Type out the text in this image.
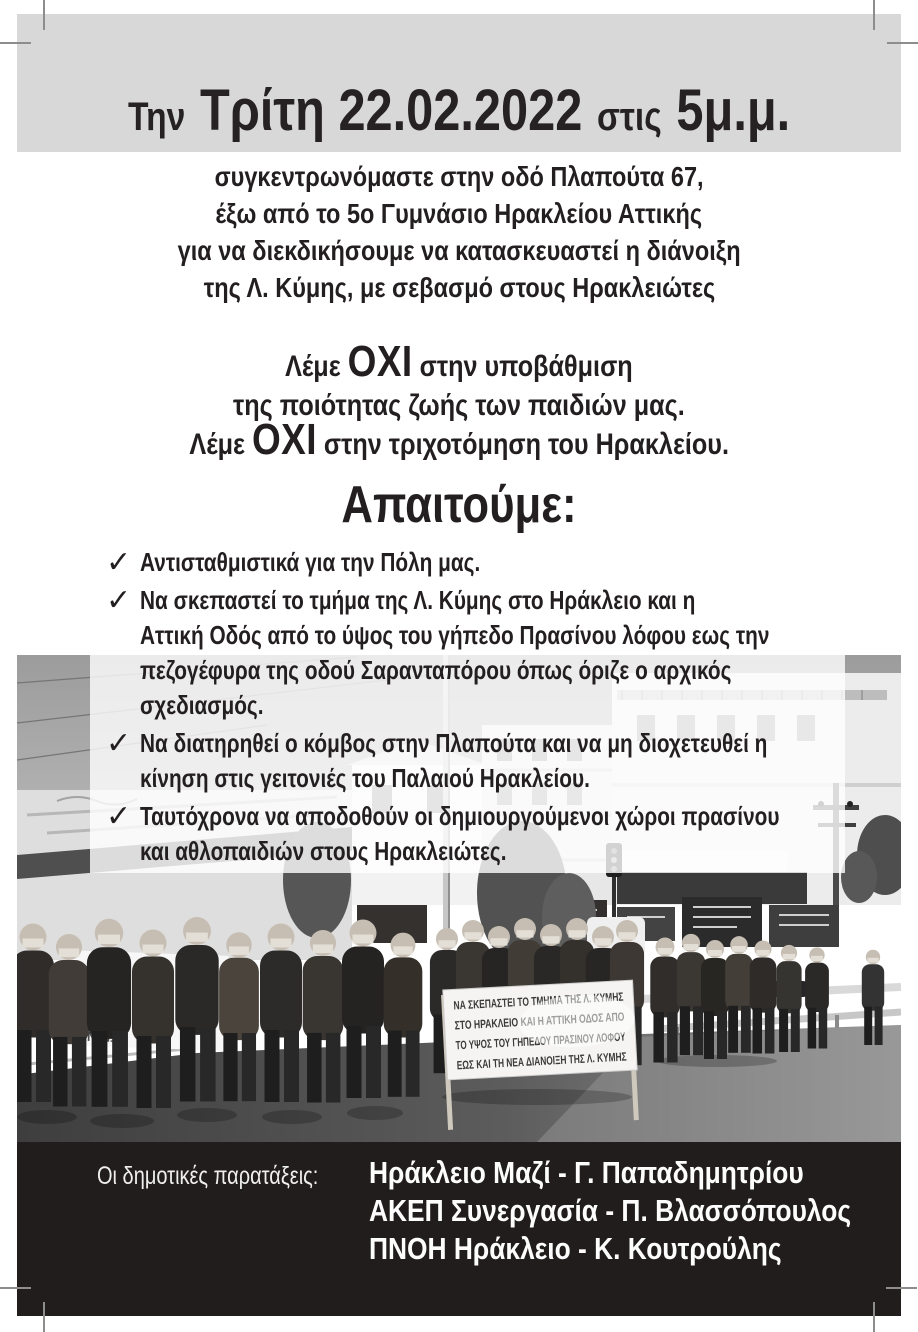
Την Τρίτη 22.02.2022 στις 5μ.μ.
συγκεντρωνόμαστε στην οδό Πλαπούτα 67,
έξω από το 5ο Γυμνάσιο Ηρακλείου Αττικής
για να διεκδικήσουμε να κατασκευαστεί η διάνοιξη
της Λ. Κύμης, με σεβασμό στους Ηρακλειώτες
Λέμε ΟΧΙ στην υποβάθμιση
της ποιότητας ζωής των παιδιών μας.
Λέμε ΟΧΙ στην τριχοτόμηση του Ηρακλείου.
Απαιτούμε:
ΕΩΣ ΚΑΙ ΤΗ ΝΕΑ ΔΙΑΝΟΙΞΗ ΤΗΣ Λ. ΚΥΜΗΣ
✓ Αντισταθμιστικά για την Πόλη μας.
✓ Να σκεπαστεί το τμήμα της Λ. Κύμης στο Ηράκλειο και η
Αττική Οδός από το ύψος του γήπεδο Πρασίνου λόφου εως την
πεζογέφυρα της οδού Σαρανταπόρου όπως όριζε ο αρχικός
σχεδιασμός.
✓ Να διατηρηθεί ο κόμβος στην Πλαπούτα και να μη διοχετευθεί η
κίνηση στις γειτονιές του Παλαιού Ηρακλείου.
✓ Ταυτόχρονα να αποδοθούν οι δημιουργούμενοι χώροι πρασίνου
και αθλοπαιδιών στους Ηρακλειώτες.
Οι δημοτικές παρατάξεις: Ηράκλειο Μαζί - Γ. Παπαδημητρίου
ΑΚΕΠ Συνεργασία - Π. Βλασσόπουλος
ΠΝΟΗ Ηράκλειο - Κ. Κουτρούλης
